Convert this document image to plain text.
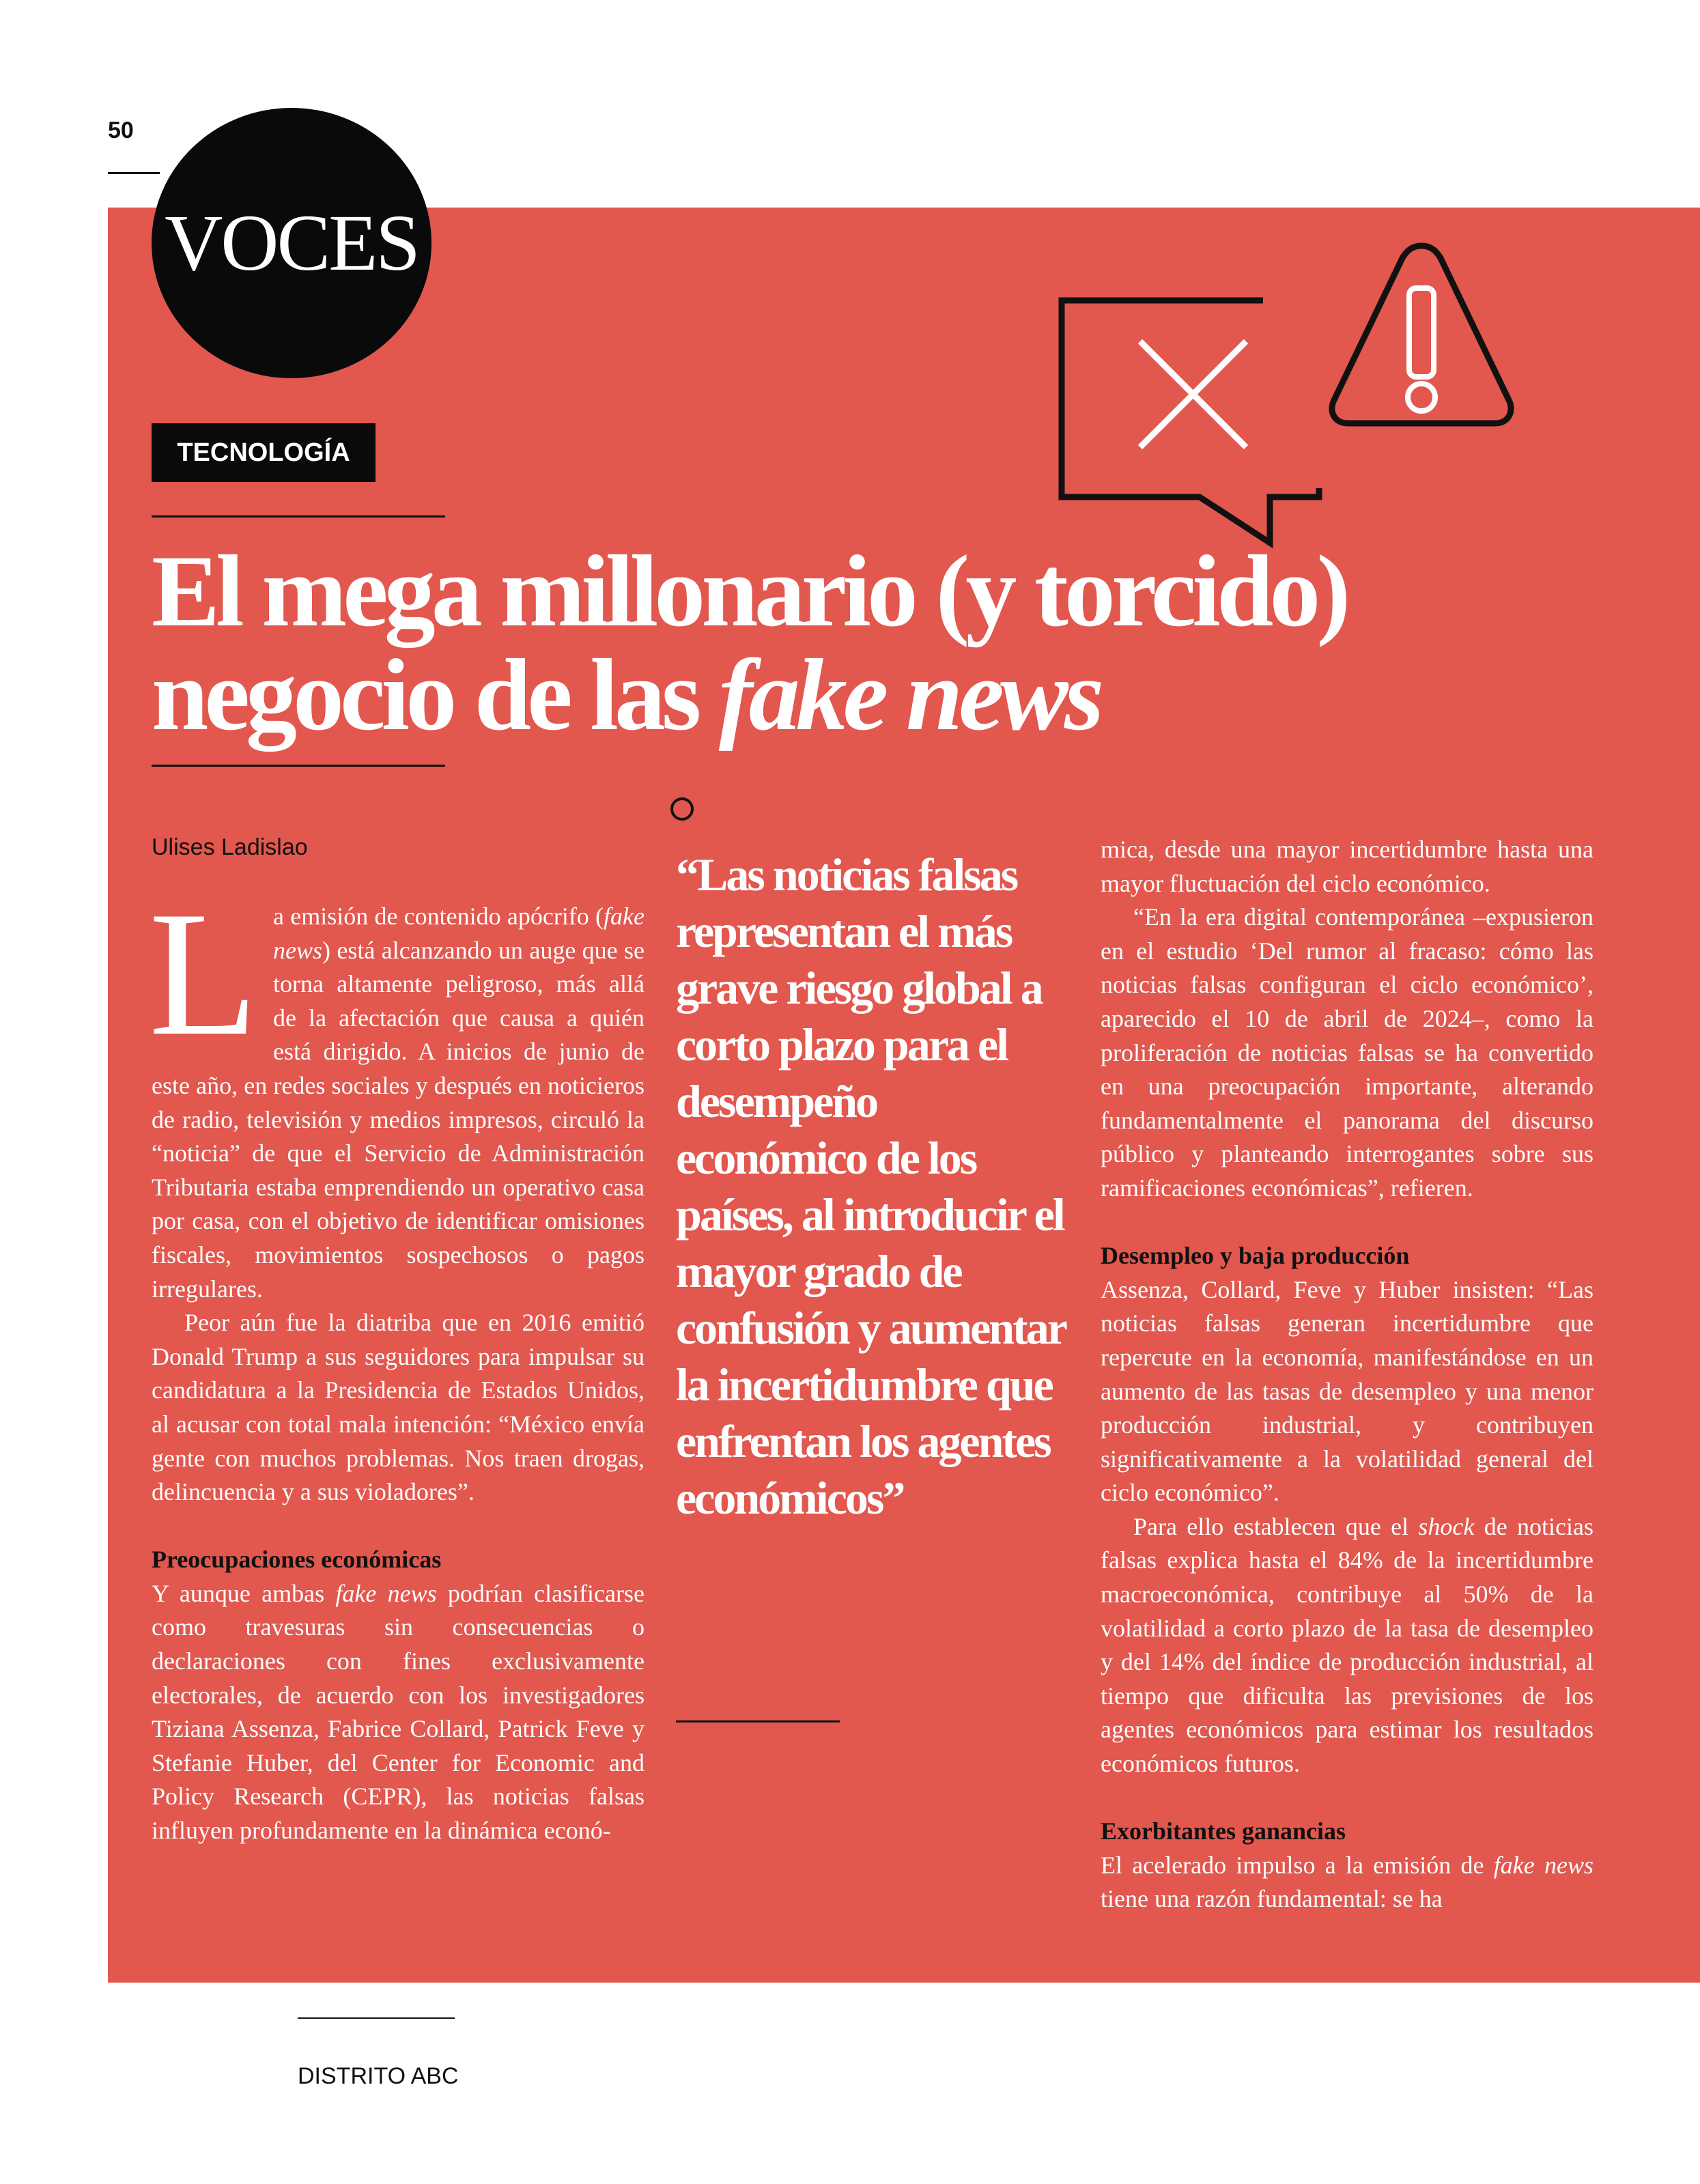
50
VOCES
TECNOLOGÍA
El mega millonario (y torcido)
negocio de las fake news
Ulises Ladislao

La emisión de contenido apócrifo (fake news) está alcanzando un auge que se torna altamente peligroso, más allá de la afectación que causa a quién está dirigido. A inicios de junio de este año, en redes sociales y después en noticieros de radio, televisión y medios impresos, circuló la “noticia” de que el Servicio de Administración Tributaria estaba emprendiendo un operativo casa por casa, con el objetivo de identificar omisiones fiscales, movimientos sospechosos o pagos irregulares.

Peor aún fue la diatriba que en 2016 emitió Donald Trump a sus seguidores para impulsar su candidatura a la Presidencia de Estados Unidos, al acusar con total mala intención: “México envía gente con muchos problemas. Nos traen drogas, delincuencia y a sus violadores”.

Preocupaciones económicas

Y aunque ambas fake news podrían clasificarse como travesuras sin consecuencias o declaraciones con fines exclusivamente electorales, de acuerdo con los investigadores Tiziana Assenza, Fabrice Collard, Patrick Feve y Stefanie Huber, del Center for Economic and Policy Research (CEPR), las noticias falsas influyen profundamente en la dinámica econó-

“Las noticias falsas representan el más grave riesgo global a corto plazo para el desempeño económico de los países, al introducir el mayor grado de confusión y aumentar la incertidumbre que enfrentan los agentes económicos”

mica, desde una mayor incertidumbre hasta una mayor fluctuación del ciclo económico.

“En la era digital contemporánea –expusieron en el estudio ‘Del rumor al fracaso: cómo las noticias falsas configuran el ciclo económico’, aparecido el 10 de abril de 2024–, como la proliferación de noticias falsas se ha convertido en una preocupación importante, alterando fundamentalmente el panorama del discurso público y planteando interrogantes sobre sus ramificaciones económicas”, refieren.

Desempleo y baja producción

Assenza, Collard, Feve y Huber insisten: “Las noticias falsas generan incertidumbre que repercute en la economía, manifestándose en un aumento de las tasas de desempleo y una menor producción industrial, y contribuyen significativamente a la volatilidad general del ciclo económico”.

Para ello establecen que el shock de noticias falsas explica hasta el 84% de la incertidumbre macroeconómica, contribuye al 50% de la volatilidad a corto plazo de la tasa de desempleo y del 14% del índice de producción industrial, al tiempo que dificulta las previsiones de los agentes económicos para estimar los resultados económicos futuros.

Exorbitantes ganancias

El acelerado impulso a la emisión de fake news tiene una razón fundamental: se ha

DISTRITO ABC
